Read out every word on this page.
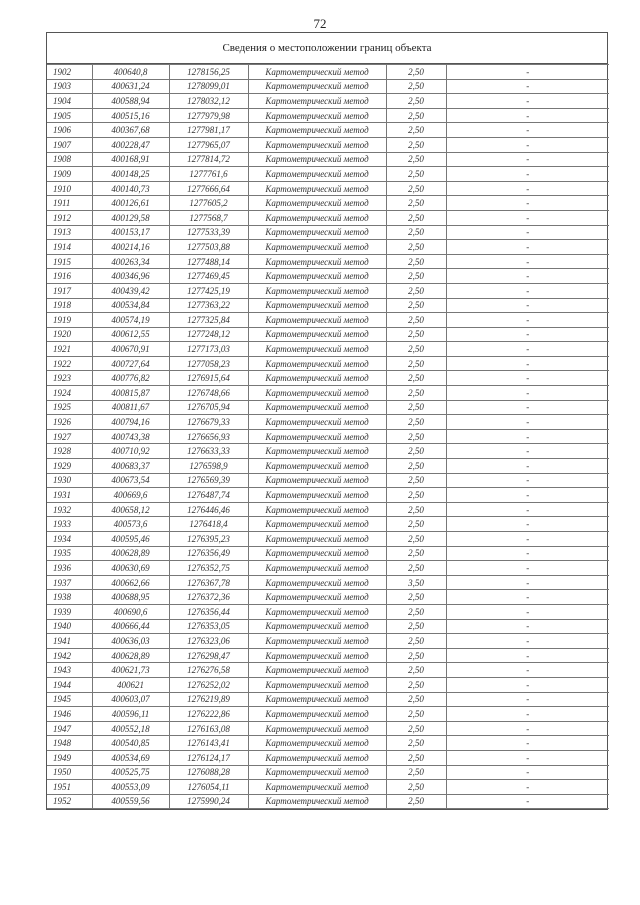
72
Сведения о местоположении границ объекта
1902	400640,8	1278156,25	Картометрический метод	2,50	-
1903	400631,24	1278099,01	Картометрический метод	2,50	-
1904	400588,94	1278032,12	Картометрический метод	2,50	-
1905	400515,16	1277979,98	Картометрический метод	2,50	-
1906	400367,68	1277981,17	Картометрический метод	2,50	-
1907	400228,47	1277965,07	Картометрический метод	2,50	-
1908	400168,91	1277814,72	Картометрический метод	2,50	-
1909	400148,25	1277761,6	Картометрический метод	2,50	-
1910	400140,73	1277666,64	Картометрический метод	2,50	-
1911	400126,61	1277605,2	Картометрический метод	2,50	-
1912	400129,58	1277568,7	Картометрический метод	2,50	-
1913	400153,17	1277533,39	Картометрический метод	2,50	-
1914	400214,16	1277503,88	Картометрический метод	2,50	-
1915	400263,34	1277488,14	Картометрический метод	2,50	-
1916	400346,96	1277469,45	Картометрический метод	2,50	-
1917	400439,42	1277425,19	Картометрический метод	2,50	-
1918	400534,84	1277363,22	Картометрический метод	2,50	-
1919	400574,19	1277325,84	Картометрический метод	2,50	-
1920	400612,55	1277248,12	Картометрический метод	2,50	-
1921	400670,91	1277173,03	Картометрический метод	2,50	-
1922	400727,64	1277058,23	Картометрический метод	2,50	-
1923	400776,82	1276915,64	Картометрический метод	2,50	-
1924	400815,87	1276748,66	Картометрический метод	2,50	-
1925	400811,67	1276705,94	Картометрический метод	2,50	-
1926	400794,16	1276679,33	Картометрический метод	2,50	-
1927	400743,38	1276656,93	Картометрический метод	2,50	-
1928	400710,92	1276633,33	Картометрический метод	2,50	-
1929	400683,37	1276598,9	Картометрический метод	2,50	-
1930	400673,54	1276569,39	Картометрический метод	2,50	-
1931	400669,6	1276487,74	Картометрический метод	2,50	-
1932	400658,12	1276446,46	Картометрический метод	2,50	-
1933	400573,6	1276418,4	Картометрический метод	2,50	-
1934	400595,46	1276395,23	Картометрический метод	2,50	-
1935	400628,89	1276356,49	Картометрический метод	2,50	-
1936	400630,69	1276352,75	Картометрический метод	2,50	-
1937	400662,66	1276367,78	Картометрический метод	3,50	-
1938	400688,95	1276372,36	Картометрический метод	2,50	-
1939	400690,6	1276356,44	Картометрический метод	2,50	-
1940	400666,44	1276353,05	Картометрический метод	2,50	-
1941	400636,03	1276323,06	Картометрический метод	2,50	-
1942	400628,89	1276298,47	Картометрический метод	2,50	-
1943	400621,73	1276276,58	Картометрический метод	2,50	-
1944	400621	1276252,02	Картометрический метод	2,50	-
1945	400603,07	1276219,89	Картометрический метод	2,50	-
1946	400596,11	1276222,86	Картометрический метод	2,50	-
1947	400552,18	1276163,08	Картометрический метод	2,50	-
1948	400540,85	1276143,41	Картометрический метод	2,50	-
1949	400534,69	1276124,17	Картометрический метод	2,50	-
1950	400525,75	1276088,28	Картометрический метод	2,50	-
1951	400553,09	1276054,11	Картометрический метод	2,50	-
1952	400559,56	1275990,24	Картометрический метод	2,50	-
